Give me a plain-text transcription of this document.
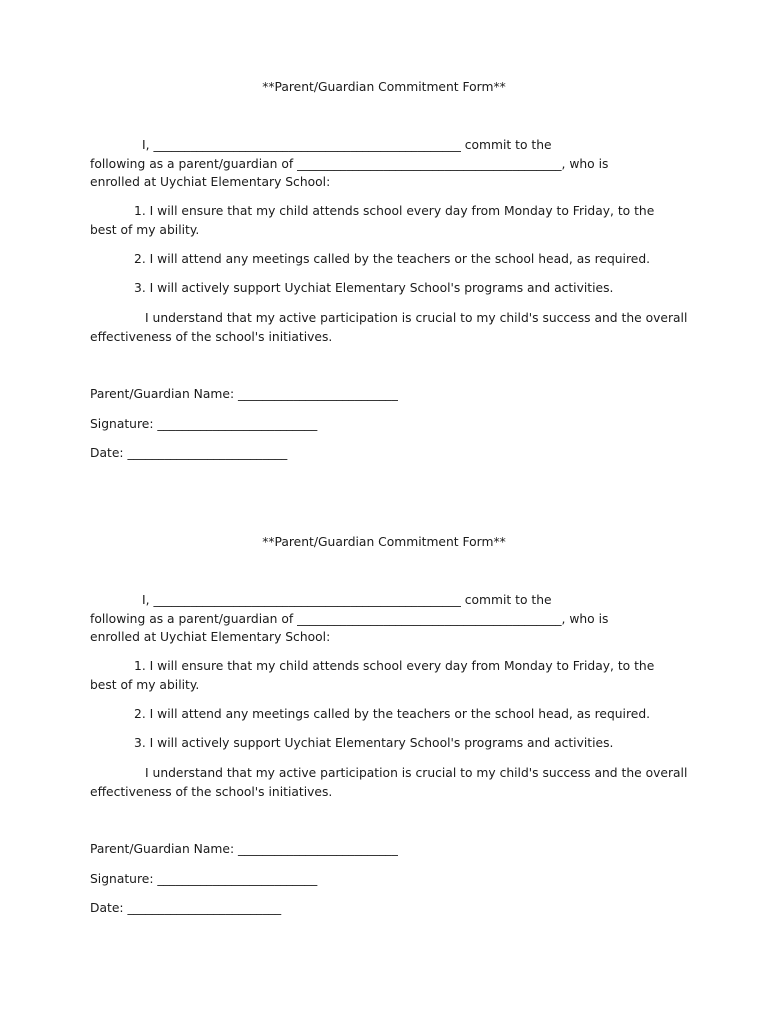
**Parent/Guardian Commitment Form**
I, __________________________________________________ commit to the
following as a parent/guardian of ___________________________________________, who is
enrolled at Uychiat Elementary School:
1. I will ensure that my child attends school every day from Monday to Friday, to the
best of my ability.
2. I will attend any meetings called by the teachers or the school head, as required.
3. I will actively support Uychiat Elementary School's programs and activities.
I understand that my active participation is crucial to my child's success and the overall
effectiveness of the school's initiatives.
Parent/Guardian Name: __________________________
Signature: __________________________
Date: __________________________
**Parent/Guardian Commitment Form**
I, __________________________________________________ commit to the
following as a parent/guardian of ___________________________________________, who is
enrolled at Uychiat Elementary School:
1. I will ensure that my child attends school every day from Monday to Friday, to the
best of my ability.
2. I will attend any meetings called by the teachers or the school head, as required.
3. I will actively support Uychiat Elementary School's programs and activities.
I understand that my active participation is crucial to my child's success and the overall
effectiveness of the school's initiatives.
Parent/Guardian Name: __________________________
Signature: __________________________
Date: _________________________
